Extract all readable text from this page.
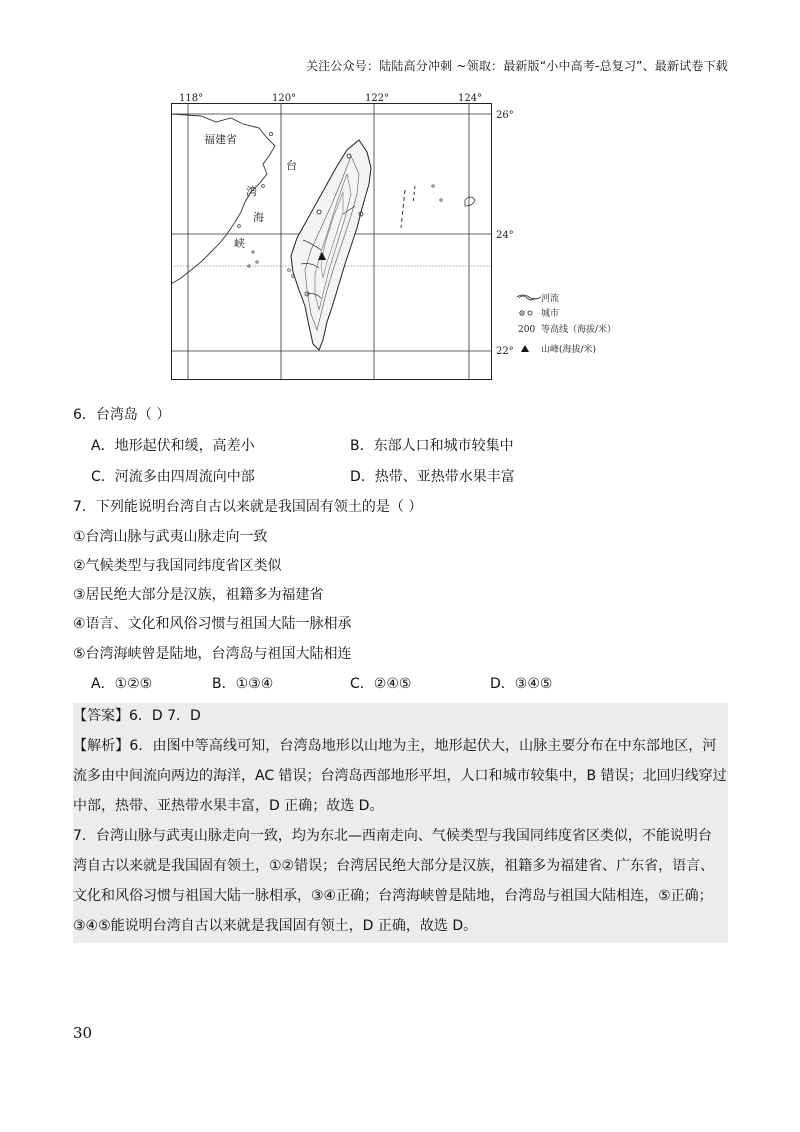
关注公众号：陆陆高分冲刺 ~领取：最新版“小中高考-总复习”、最新试卷下载
118°	120°	122°	124°
26°
24°
22°
福建省
台
湾
海
峡
河流
城市
200 等高线（海拔/米）
山峰(海拔/米)
6．台湾岛（ ）
A．地形起伏和缓，高差小	B．东部人口和城市较集中
C．河流多由四周流向中部	D．热带、亚热带水果丰富
7．下列能说明台湾自古以来就是我国固有领土的是（ ）
①台湾山脉与武夷山脉走向一致
②气候类型与我国同纬度省区类似
③居民绝大部分是汉族，祖籍多为福建省
④语言、文化和风俗习惯与祖国大陆一脉相承
⑤台湾海峡曾是陆地，台湾岛与祖国大陆相连
A．①②⑤	B．①③④	C．②④⑤	D．③④⑤
【答案】6．D 7．D
【解析】6．由图中等高线可知，台湾岛地形以山地为主，地形起伏大，山脉主要分布在中东部地区，河
流多由中间流向两边的海洋，AC 错误；台湾岛西部地形平坦，人口和城市较集中，B 错误；北回归线穿过
中部，热带、亚热带水果丰富，D 正确；故选 D。
7．台湾山脉与武夷山脉走向一致，均为东北—西南走向、气候类型与我国同纬度省区类似，不能说明台
湾自古以来就是我国固有领土，①②错误；台湾居民绝大部分是汉族，祖籍多为福建省、广东省，语言、
文化和风俗习惯与祖国大陆一脉相承，③④正确；台湾海峡曾是陆地，台湾岛与祖国大陆相连，⑤正确；
③④⑤能说明台湾自古以来就是我国固有领土，D 正确，故选 D。
30
